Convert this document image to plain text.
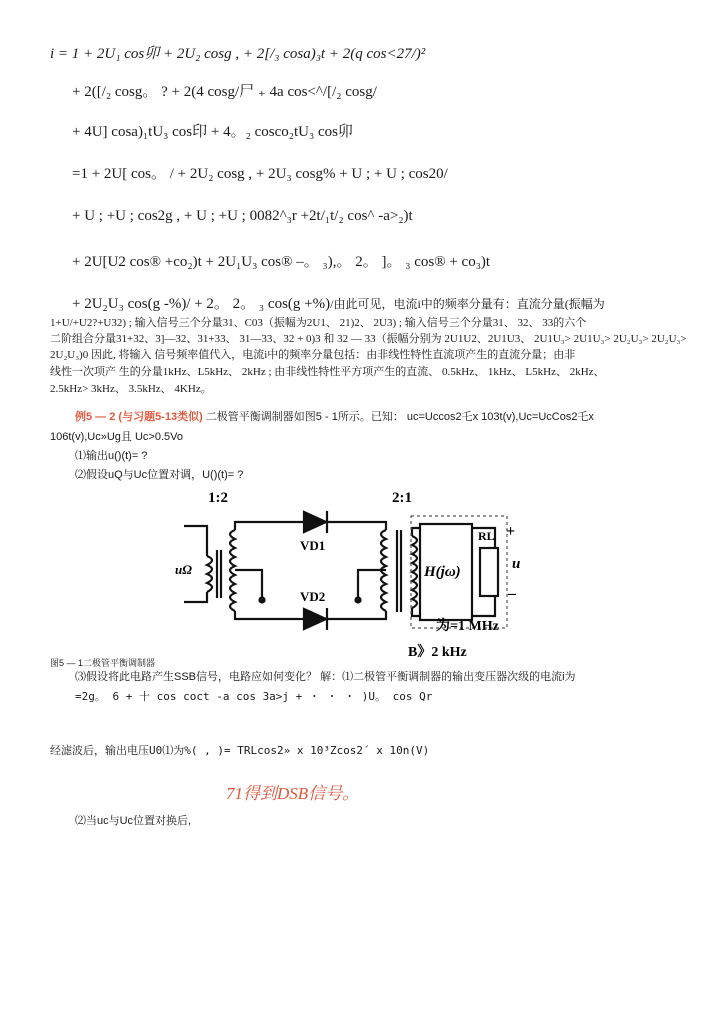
i = 1 + 2U₁ cos卯 + 2U₂ cosg , + 2[/₃ cosa)₃t + 2(q cos<27/)²
+ 2([/₂ cosg。 ? + 2(4 cosg/尸 ₊ 4a cos<^/[/₂ cosg/
+ 4U] cosa)₁tU₃ cos印 + 4。₂ cosco₂tU₃ cos卯
=1 + 2U[ cos。 / + 2U₂ cosg , + 2U₃ cosg% + U ; + U ; cos20/
+ U ; +U ; cos2g , + U ; +U ; 0082^₃r +2t/₁t/₂ cos^ -a>₂)t
+ 2U[U2 cos® +co₂)t + 2U₁U₃ cos® –。 ₃),。 2。 ]。 ₃ cos® + co₃)t
+ 2U₂U₃ cos(g -%)/ + 2。 2。 ₃ cos(g +%)/由此可见，电流i中的频率分量有：直流分量(振幅为
1+U/+U2?+U32) ; 输入信号三个分量31、C03（振幅为2U1、 21)2、 2U3) ; 输入信号三个分量31、 32、 33的六个
二阶组合分量31+32、3]—32、31+33、 31—33、32 + 0)3 和 32 — 33（振幅分别为 2U1U2、2U1U3、 2U1U₃> 2U1U₃> 2U₂U₃> 2U₂U₃>
2U₂U₃)0 因此, 将输入 信号频率值代入，电流i中的频率分量包括：由非线性特性直流项产生的直流分量；由非
线性一次项产 生的分量1kHz、L5kHz、 2kHz ; 由非线性特性平方项产生的直流、 0.5kHz、 1kHz、 L5kHz、 2kHz、
2.5kHz> 3kHz、 3.5kHz、 4KHz。
例5 — 2 (与习题5-13类似) 二极管平衡调制器如图5 - 1所示。已知： uc=Uccos2乇x 103t(v),Uc=UcCos2乇x
106t(v),Uc»Ug且 Uc>0.5Vo
⑴输出u()(t)= ?
⑵假设uQ与Uc位置对调，U()(t)= ?
1:2	2:1
uΩ
VD1
VD2
H(jω)
RL +
u
–
为=1 MHz
B》2 kHz
图5 — 1二极管平衡调制器
⑶假设将此电路产生SSB信号，电路应如何变化？ 解：⑴二极管平衡调制器的输出变压器次级的电流i为
=2g。 6 + 十 cos coct -a cos 3a>j + ・ ・ ・ )U。 cos Qr
经滤波后，输出电压U0⑴为%( , )= TRLcos2» x 10³Zcos2´ x 10n(V)
71得到DSB信号。
⑵当uc与Uc位置对换后,
